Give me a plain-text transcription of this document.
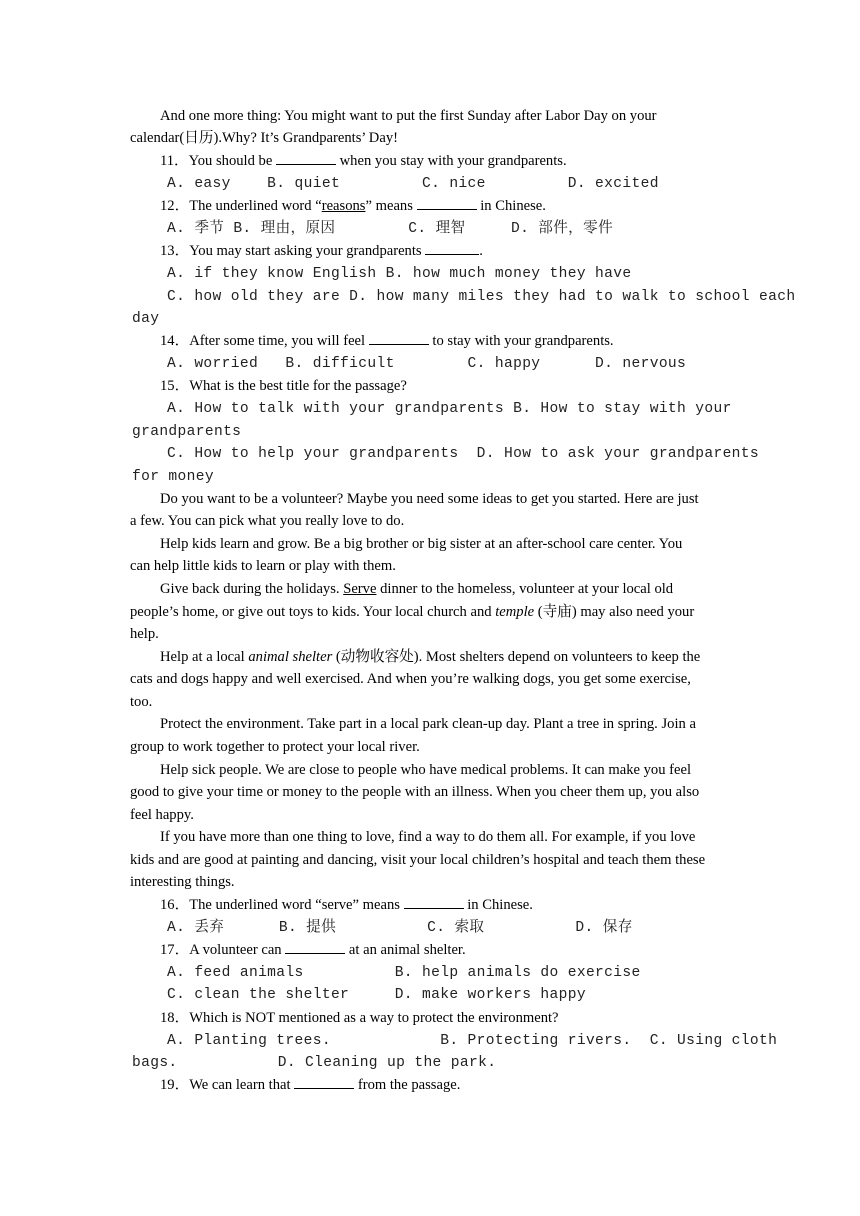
And one more thing: You might want to put the first Sunday after Labor Day on your
calendar(日历).Why? It’s Grandparents’ Day!
11．You should be	when you stay with your grandparents.
A. easy    B. quiet         C. nice         D. excited
12．The underlined word “reasons” means	in Chinese.
A. 季节 B. 理由，原因        C. 理智     D. 部件，零件
13．You may start asking your grandparents	.
A. if they know English B. how much money they have
C. how old they are D. how many miles they had to walk to school each
day
14．After some time, you will feel	to stay with your grandparents.
A. worried   B. difficult        C. happy      D. nervous
15．What is the best title for the passage?
A. How to talk with your grandparents B. How to stay with your
grandparents
C. How to help your grandparents  D. How to ask your grandparents
for money
Do you want to be a volunteer? Maybe you need some ideas to get you started. Here are just
a few. You can pick what you really love to do.
Help kids learn and grow. Be a big brother or big sister at an after-school care center. You
can help little kids to learn or play with them.
Give back during the holidays. Serve dinner to the homeless, volunteer at your local old
people’s home, or give out toys to kids. Your local church and temple (寺庙) may also need your
help.
Help at a local animal shelter (动物收容处). Most shelters depend on volunteers to keep the
cats and dogs happy and well exercised. And when you’re walking dogs, you get some exercise,
too.
Protect the environment. Take part in a local park clean-up day. Plant a tree in spring. Join a
group to work together to protect your local river.
Help sick people. We are close to people who have medical problems. It can make you feel
good to give your time or money to the people with an illness. When you cheer them up, you also
feel happy.
If you have more than one thing to love, find a way to do them all. For example, if you love
kids and are good at painting and dancing, visit your local children’s hospital and teach them these
interesting things.
16．The underlined word “serve” means	in Chinese.
A. 丢弃      B. 提供          C. 索取          D. 保存
17．A volunteer can	at an animal shelter.
A. feed animals          B. help animals do exercise
C. clean the shelter     D. make workers happy
18．Which is NOT mentioned as a way to protect the environment?
A. Planting trees.            B. Protecting rivers.  C. Using cloth
bags.           D. Cleaning up the park.
19．We can learn that	from the passage.
